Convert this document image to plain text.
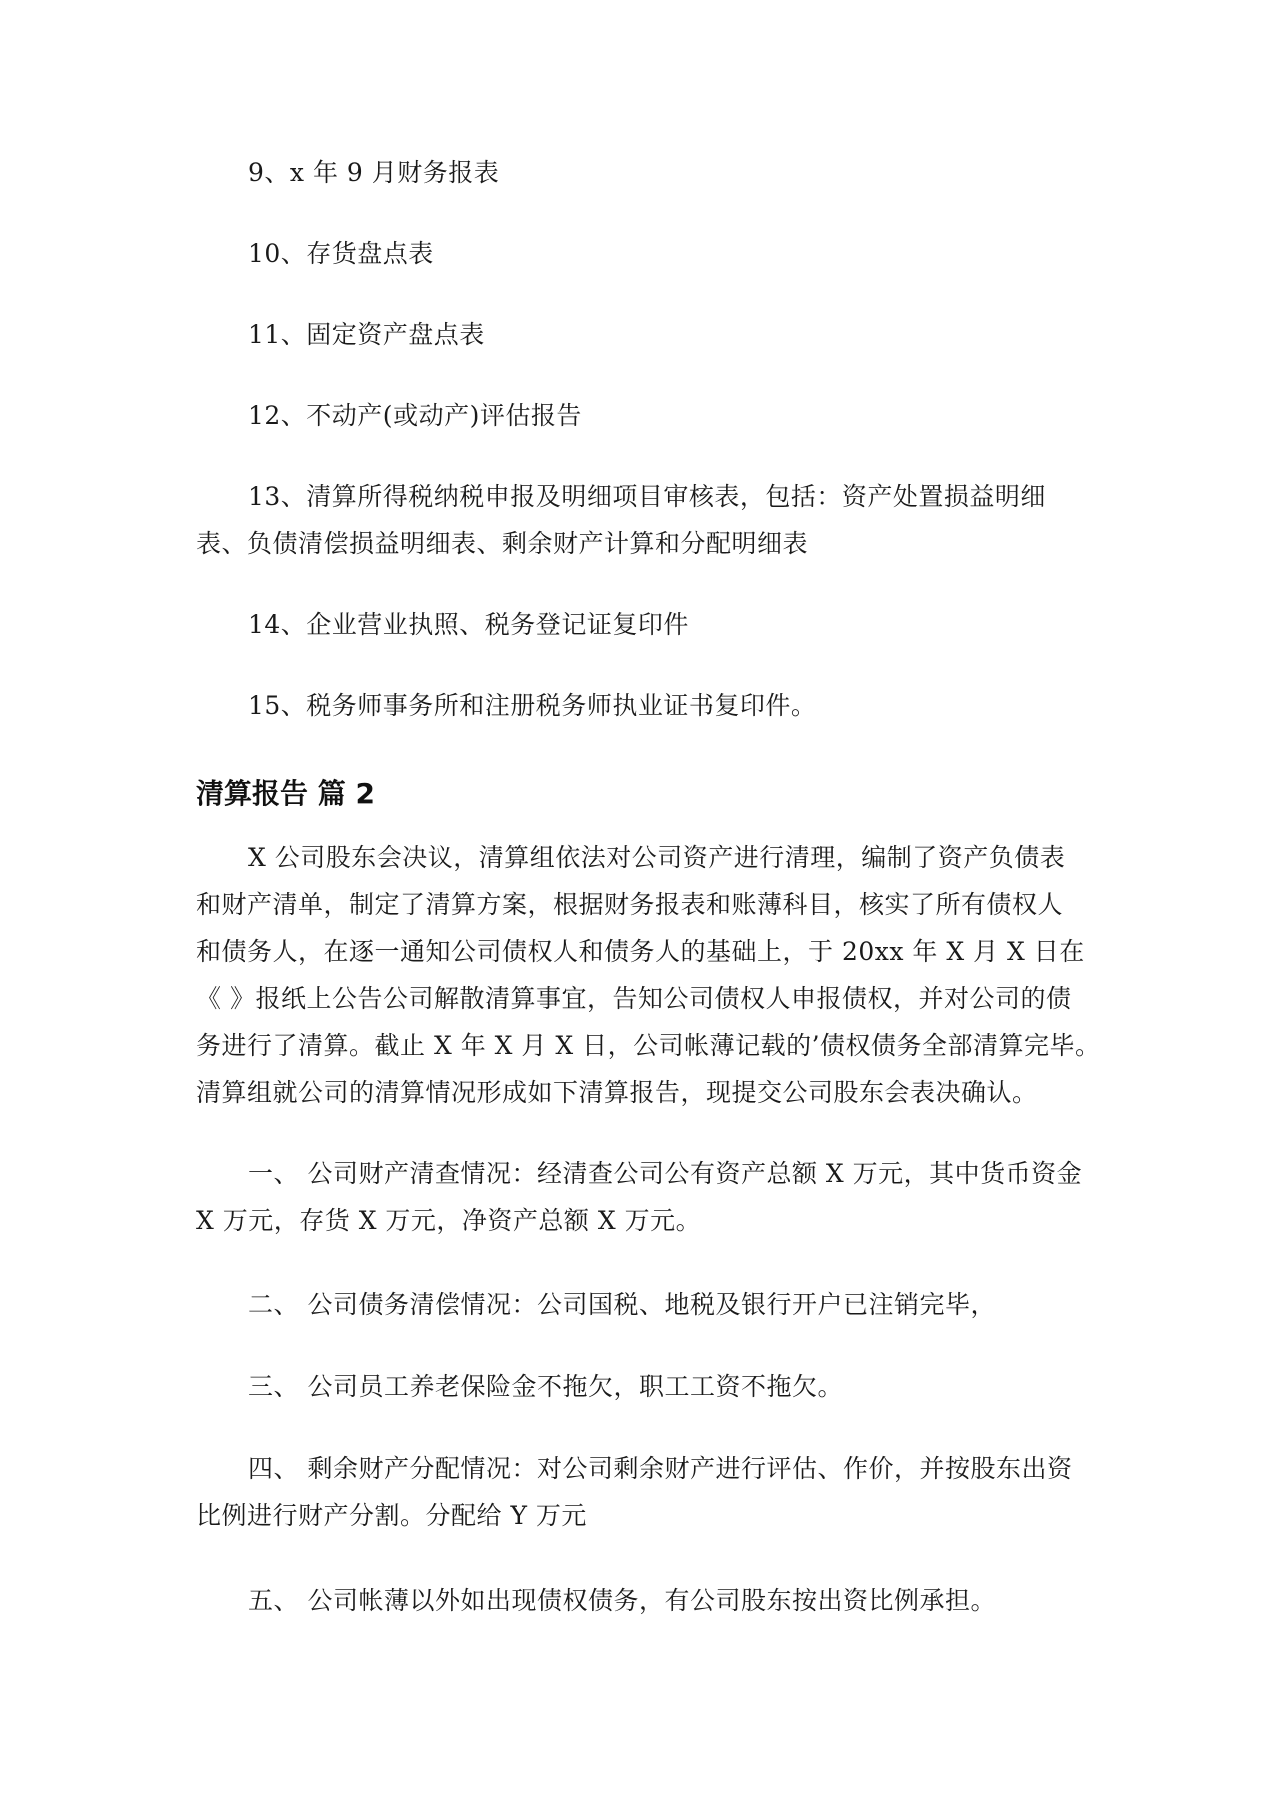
9、x 年 9 月财务报表
10、存货盘点表
11、固定资产盘点表
12、不动产(或动产)评估报告
13、清算所得税纳税申报及明细项目审核表，包括：资产处置损益明细
表、负债清偿损益明细表、剩余财产计算和分配明细表
14、企业营业执照、税务登记证复印件
15、税务师事务所和注册税务师执业证书复印件。
清算报告 篇 2
X 公司股东会决议，清算组依法对公司资产进行清理，编制了资产负债表
和财产清单，制定了清算方案，根据财务报表和账薄科目，核实了所有债权人
和债务人，在逐一通知公司债权人和债务人的基础上，于 20xx 年 X 月 X 日在
《 》报纸上公告公司解散清算事宜，告知公司债权人申报债权，并对公司的债
务进行了清算。截止 X 年 X 月 X 日，公司帐薄记载的’债权债务全部清算完毕。
清算组就公司的清算情况形成如下清算报告，现提交公司股东会表决确认。
一、 公司财产清查情况：经清查公司公有资产总额 X 万元，其中货币资金
X 万元，存货 X 万元，净资产总额 X 万元。
二、 公司债务清偿情况：公司国税、地税及银行开户已注销完毕，
三、 公司员工养老保险金不拖欠，职工工资不拖欠。
四、 剩余财产分配情况：对公司剩余财产进行评估、作价，并按股东出资
比例进行财产分割。分配给 Y 万元
五、 公司帐薄以外如出现债权债务，有公司股东按出资比例承担。
